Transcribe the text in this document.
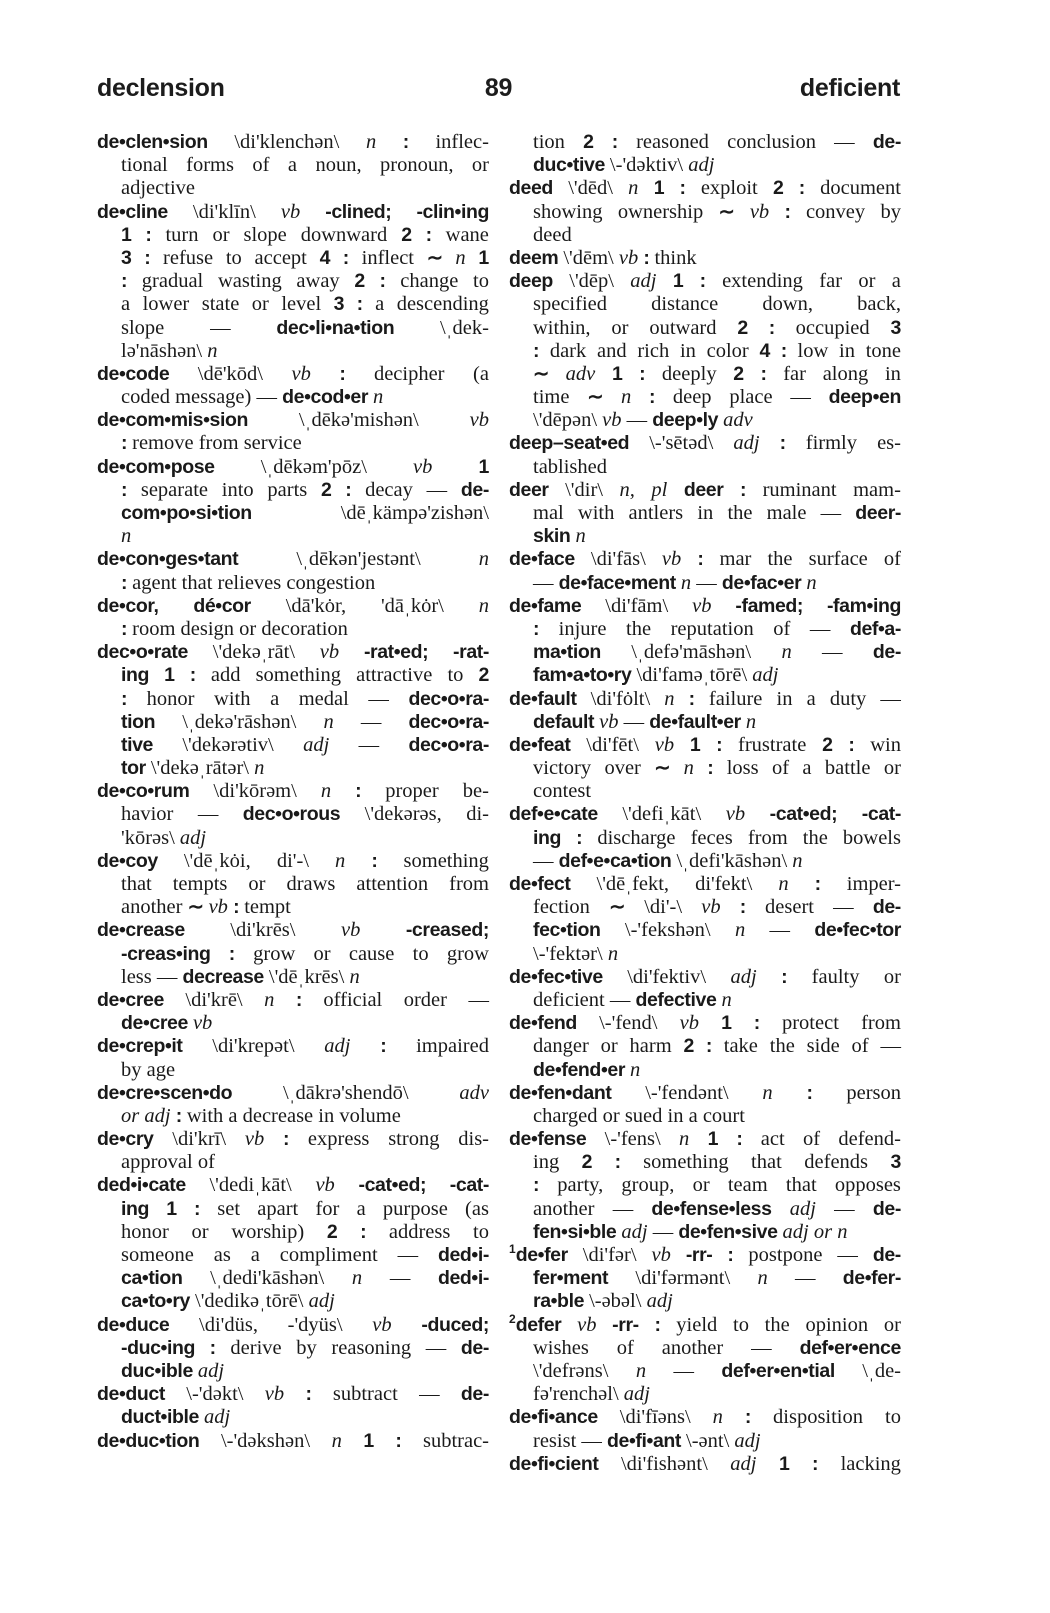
declension	89	deficient
de•clen•sion \di'klenchən\ n : inflec-
tional forms of a noun, pronoun, or
adjective
de•cline \di'klīn\ vb -clined; -clin•ing
1 : turn or slope downward 2 : wane
3 : refuse to accept 4 : inflect ∼ n 1
: gradual wasting away 2 : change to
a lower state or level 3 : a descending
slope — dec•li•na•tion \ˌdek-
lə'nāshən\ n
de•code \dē'kōd\ vb : decipher (a
coded message) — de•cod•er n
de•com•mis•sion \ˌdēkə'mishən\ vb
: remove from service
de•com•pose \ˌdēkəm'pōz\ vb 1
: separate into parts 2 : decay — de-
com•po•si•tion	\dēˌkämpə'zishən\
n
de•con•ges•tant	\ˌdēkən'jestənt\	n
: agent that relieves congestion
de•cor, dé•cor \dā'kȯr, 'dāˌkȯr\ n
: room design or decoration
dec•o•rate \'dekəˌrāt\ vb -rat•ed; -rat-
ing 1 : add something attractive to 2
: honor with a medal — dec•o•ra-
tion \ˌdekə'rāshən\ n — dec•o•ra-
tive \'dekərətiv\ adj — dec•o•ra-
tor \'dekəˌrātər\ n
de•co•rum \di'kōrəm\ n : proper be-
havior — dec•o•rous \'dekərəs, di-
'kōrəs\ adj
de•coy \'dēˌkȯi, di'-\ n : something
that tempts or draws attention from
another ∼ vb : tempt
de•crease \di'krēs\ vb -creased;
-creas•ing : grow or cause to grow
less — decrease \'dēˌkrēs\ n
de•cree \di'krē\ n : official order —
de•cree vb
de•crep•it \di'krepət\ adj : impaired
by age
de•cre•scen•do \ˌdākrə'shendō\ adv
or adj : with a decrease in volume
de•cry \di'krī\ vb : express strong dis-
approval of
ded•i•cate \'dediˌkāt\ vb -cat•ed; -cat-
ing 1 : set apart for a purpose (as
honor or worship) 2 : address to
someone as a compliment — ded•i-
ca•tion \ˌdedi'kāshən\ n — ded•i-
ca•to•ry \'dedikəˌtōrē\ adj
de•duce \di'düs, -'dyüs\ vb -duced;
-duc•ing : derive by reasoning — de-
duc•ible adj
de•duct \-'dəkt\ vb : subtract — de-
duct•ible adj
de•duc•tion \-'dəkshən\ n 1 : subtrac-
tion 2 : reasoned conclusion — de-
duc•tive \-'dəktiv\ adj
deed \'dēd\ n 1 : exploit 2 : document
showing ownership ∼ vb : convey by
deed
deem \'dēm\ vb : think
deep \'dēp\ adj 1 : extending far or a
specified distance down, back,
within, or outward 2 : occupied 3
: dark and rich in color 4 : low in tone
∼ adv 1 : deeply 2 : far along in
time ∼ n : deep place — deep•en
\'dēpən\ vb — deep•ly adv
deep–seat•ed \-'sētəd\ adj : firmly es-
tablished
deer \'dir\ n, pl deer : ruminant mam-
mal with antlers in the male — deer-
skin n
de•face \di'fās\ vb : mar the surface of
— de•face•ment n — de•fac•er n
de•fame \di'fām\ vb -famed; -fam•ing
: injure the reputation of — def•a-
ma•tion \ˌdefə'māshən\ n — de-
fam•a•to•ry \di'faməˌtōrē\ adj
de•fault \di'fȯlt\ n : failure in a duty —
default vb — de•fault•er n
de•feat \di'fēt\ vb 1 : frustrate 2 : win
victory over ∼ n : loss of a battle or
contest
def•e•cate \'defiˌkāt\ vb -cat•ed; -cat-
ing : discharge feces from the bowels
— def•e•ca•tion \ˌdefi'kāshən\ n
de•fect \'dēˌfekt, di'fekt\ n : imper-
fection ∼ \di'-\ vb : desert — de-
fec•tion \-'fekshən\ n — de•fec•tor
\-'fektər\ n
de•fec•tive \di'fektiv\ adj : faulty or
deficient — defective n
de•fend \-'fend\ vb 1 : protect from
danger or harm 2 : take the side of —
de•fend•er n
de•fen•dant \-'fendənt\ n : person
charged or sued in a court
de•fense \-'fens\ n 1 : act of defend-
ing 2 : something that defends 3
: party, group, or team that opposes
another — de•fense•less adj — de-
fen•si•ble adj — de•fen•sive adj or n
$^1$de•fer \di'fər\ vb -rr- : postpone — de-
fer•ment \di'fərmənt\ n — de•fer-
ra•ble \-əbəl\ adj
$^2$defer vb -rr- : yield to the opinion or
wishes of another — def•er•ence
\'defrəns\ n — def•er•en•tial \ˌde-
fə'renchəl\ adj
de•fi•ance \di'fīəns\ n : disposition to
resist — de•fi•ant \-ənt\ adj
de•fi•cient \di'fishənt\ adj 1 : lacking
